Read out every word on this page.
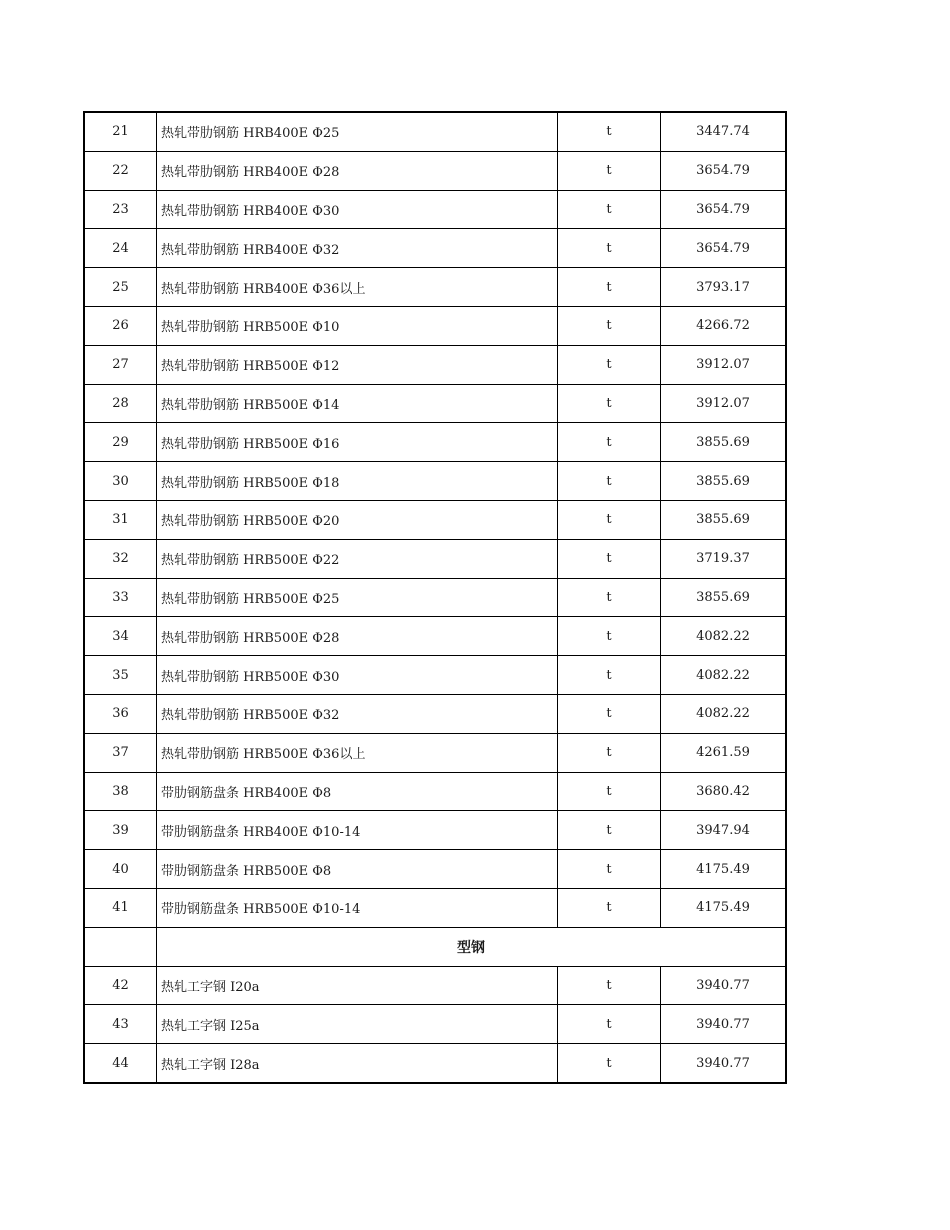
21	热轧带肋钢筋 HRB400E Φ25	t	3447.74
22	热轧带肋钢筋 HRB400E Φ28	t	3654.79
23	热轧带肋钢筋 HRB400E Φ30	t	3654.79
24	热轧带肋钢筋 HRB400E Φ32	t	3654.79
25	热轧带肋钢筋 HRB400E Φ36以上	t	3793.17
26	热轧带肋钢筋 HRB500E Φ10	t	4266.72
27	热轧带肋钢筋 HRB500E Φ12	t	3912.07
28	热轧带肋钢筋 HRB500E Φ14	t	3912.07
29	热轧带肋钢筋 HRB500E Φ16	t	3855.69
30	热轧带肋钢筋 HRB500E Φ18	t	3855.69
31	热轧带肋钢筋 HRB500E Φ20	t	3855.69
32	热轧带肋钢筋 HRB500E Φ22	t	3719.37
33	热轧带肋钢筋 HRB500E Φ25	t	3855.69
34	热轧带肋钢筋 HRB500E Φ28	t	4082.22
35	热轧带肋钢筋 HRB500E Φ30	t	4082.22
36	热轧带肋钢筋 HRB500E Φ32	t	4082.22
37	热轧带肋钢筋 HRB500E Φ36以上	t	4261.59
38	带肋钢筋盘条 HRB400E Φ8	t	3680.42
39	带肋钢筋盘条 HRB400E Φ10-14	t	3947.94
40	带肋钢筋盘条 HRB500E Φ8	t	4175.49
41	带肋钢筋盘条 HRB500E Φ10-14	t	4175.49
	型钢		
42	热轧工字钢 I20a	t	3940.77
43	热轧工字钢 I25a	t	3940.77
44	热轧工字钢 I28a	t	3940.77
